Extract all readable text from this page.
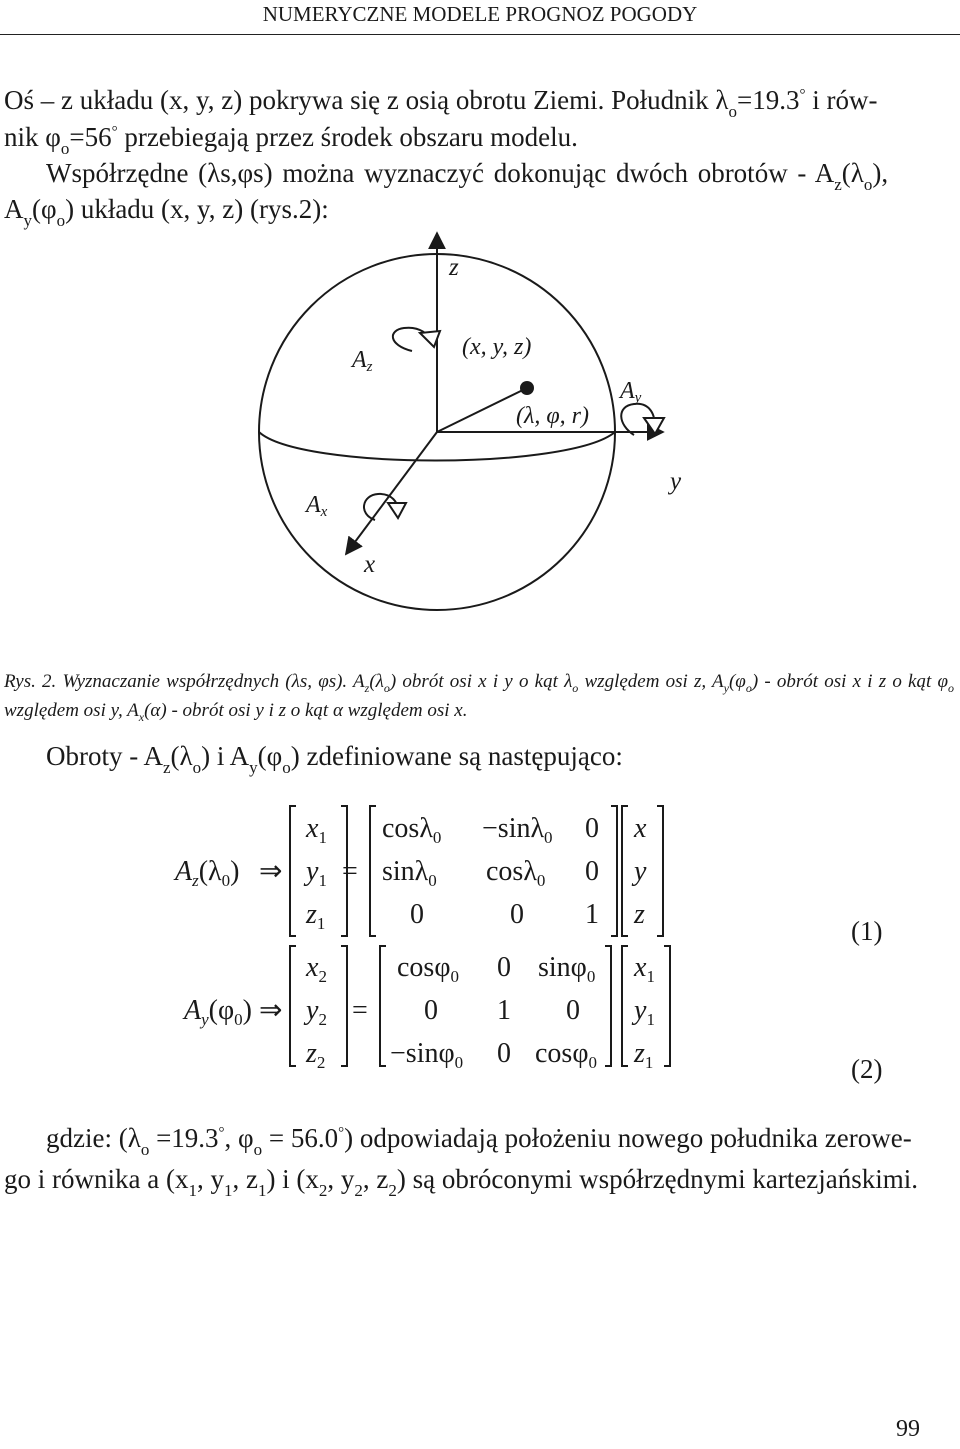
NUMERYCZNE MODELE PROGNOZ POGODY

Oś – z układu (x, y, z) pokrywa się z osią obrotu Ziemi. Południk $\lambda_o=19.3^\circ$ i rów-

nik $\varphi_o=56^\circ$ przebiegają przez środek obszaru modelu.

Współrzędne (λs,φs) można wyznaczyć dokonując dwóch obrotów - $A_z(\lambda_o)$,

$A_y(\varphi_o)$ układu (x, y, z) (rys.2):

z
y
x
Az
Ay
Ax
(x, y, z)
(λ, φ, r)
Rys. 2. Wyznaczanie współrzędnych (λs, φs). $A_z(\lambda_o)$ obrót osi x i y o kąt $\lambda_o$ względem osi z, $A_y(\varphi_o)$ - obrót osi x i z o kąt $\varphi_o$ względem osi y, $A_x(\alpha)$ - obrót osi y i z o kąt α względem osi x.
Obroty - $A_z(\lambda_o)$ i $A_y(\varphi_o)$ zdefiniowane są następująco:
$A_z(\lambda_0)$ ⇒ =
$x_1$
$y_1$
$z_1$
cosλ$_0$ −sinλ$_0$ 0
sinλ$_0$ cosλ$_0$ 0
0	0 1
x
y
z
(1)
$A_y(\varphi_0)$ ⇒ =
$x_2$
$y_2$
$z_2$
cosφ$_0$ 0 sinφ$_0$
0 1 0
−sinφ$_0$ 0 cosφ$_0$
$x_1$
$y_1$
$z_1$	(2)
gdzie: ($\lambda_o =19.3^\circ$, $\varphi_o = 56.0^\circ$) odpowiadają położeniu nowego południka zerowe-
go i równika a ($x_1$, $y_1$, $z_1$) i ($x_2$, $y_2$, $z_2$) są obróconymi współrzędnymi kartezjańskimi.
99
